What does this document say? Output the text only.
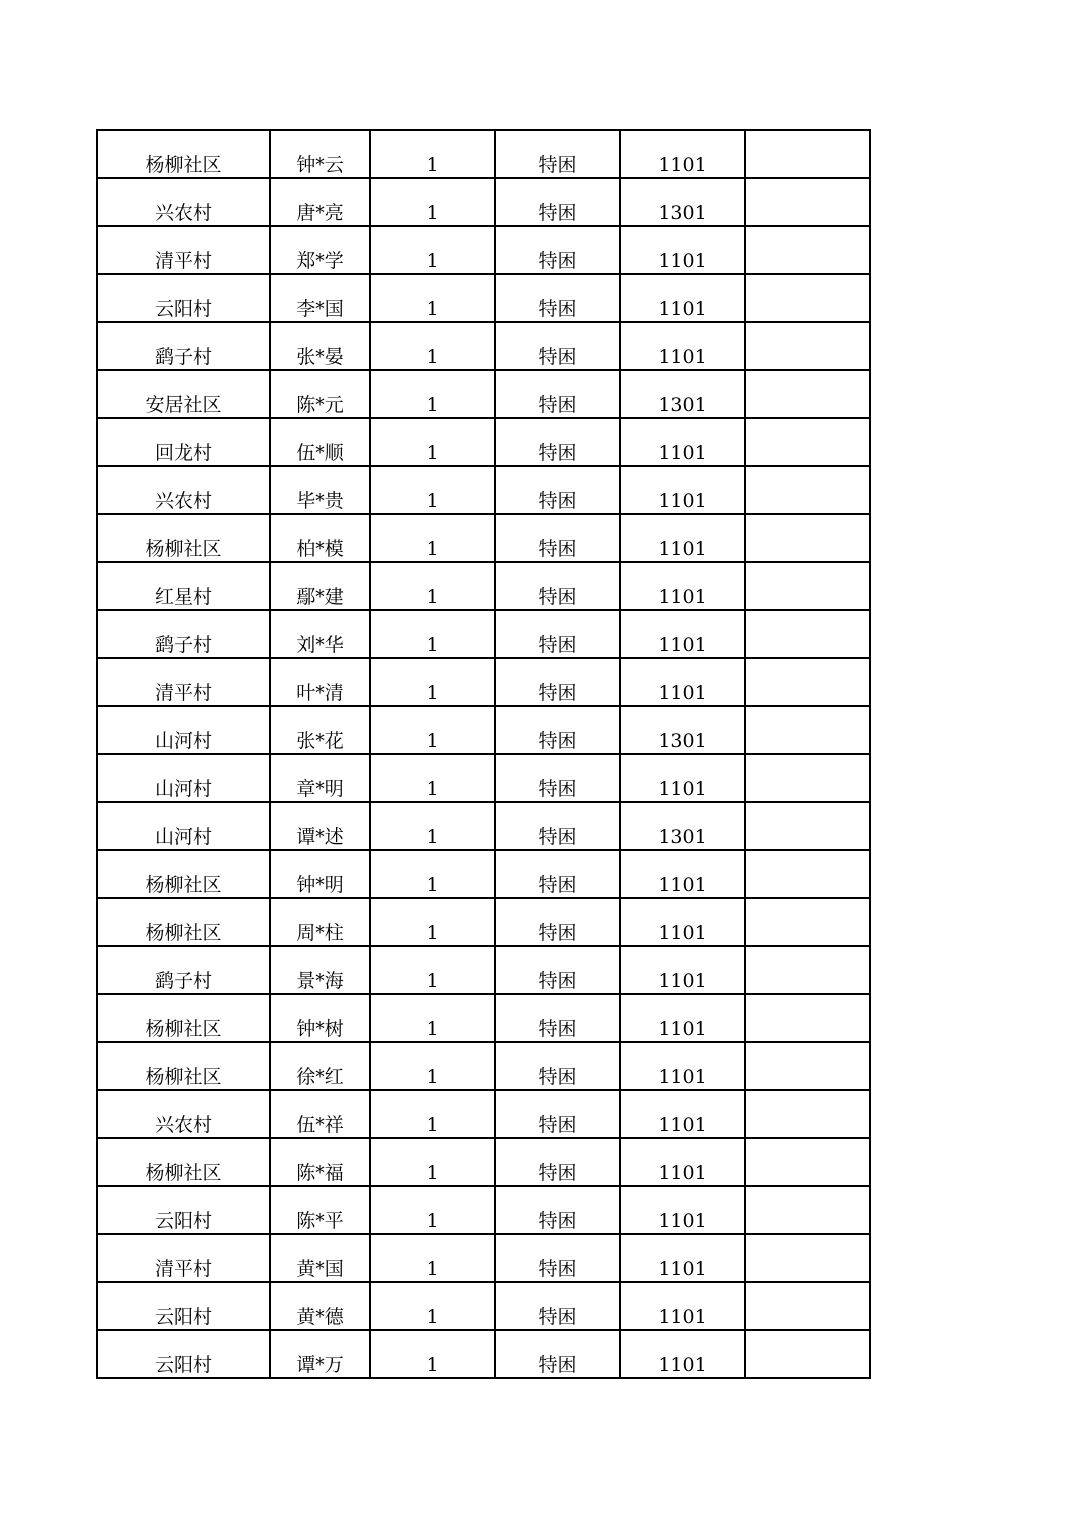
杨柳社区	钟*云	1	特困	1101	
兴农村	唐*亮	1	特困	1301	
清平村	郑*学	1	特困	1101	
云阳村	李*国	1	特困	1101	
鹞子村	张*晏	1	特困	1101	
安居社区	陈*元	1	特困	1301	
回龙村	伍*顺	1	特困	1101	
兴农村	毕*贵	1	特困	1101	
杨柳社区	柏*模	1	特困	1101	
红星村	鄢*建	1	特困	1101	
鹞子村	刘*华	1	特困	1101	
清平村	叶*清	1	特困	1101	
山河村	张*花	1	特困	1301	
山河村	章*明	1	特困	1101	
山河村	谭*述	1	特困	1301	
杨柳社区	钟*明	1	特困	1101	
杨柳社区	周*柱	1	特困	1101	
鹞子村	景*海	1	特困	1101	
杨柳社区	钟*树	1	特困	1101	
杨柳社区	徐*红	1	特困	1101	
兴农村	伍*祥	1	特困	1101	
杨柳社区	陈*福	1	特困	1101	
云阳村	陈*平	1	特困	1101	
清平村	黄*国	1	特困	1101	
云阳村	黄*德	1	特困	1101	
云阳村	谭*万	1	特困	1101	
